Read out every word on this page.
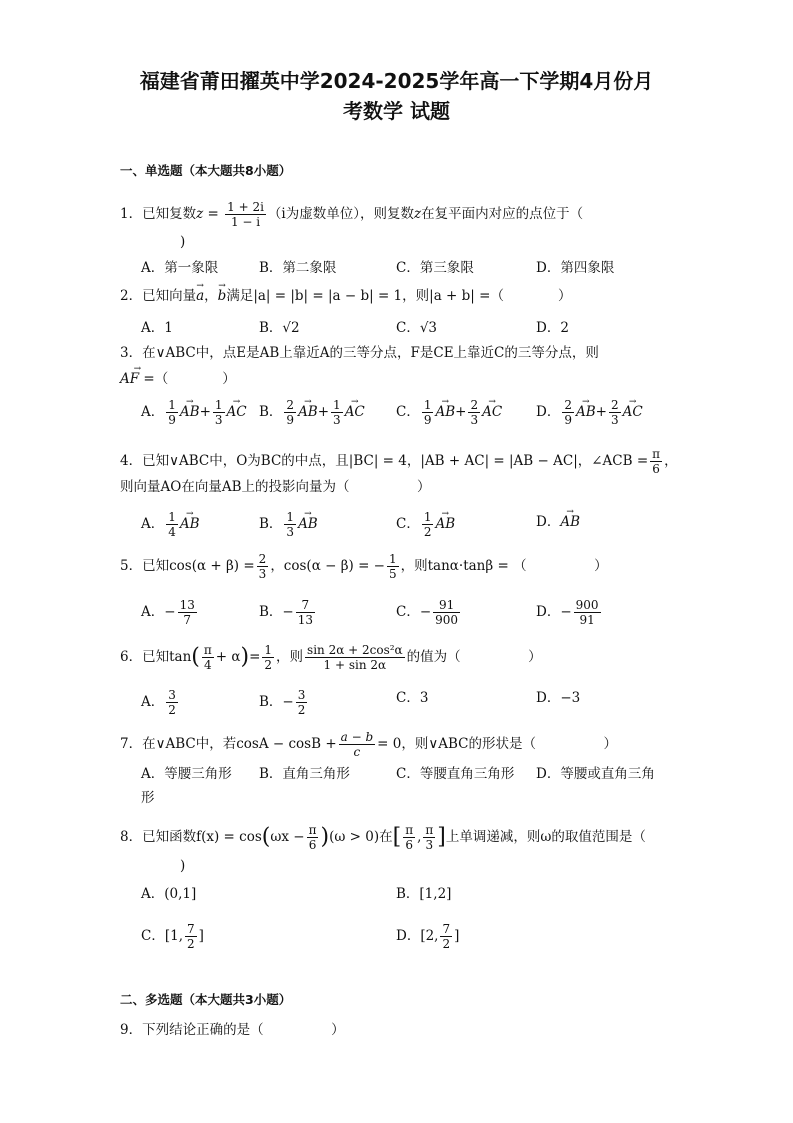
福建省莆田擢英中学2024-2025学年高一下学期4月份月
考数学 试题
一、单选题（本大题共8小题）
1．已知复数$z = \frac{1 + 2i}{1 - i} (i$为虚数单位），则复数z在复平面内对应的点位于（
)
A．第一象限	B．第二象限	C．第三象限	D．第四象限
2．已知向量→ a，→ b满足|a| = |b| = |a − b| = 1，则|a + b| =（　　　　）
A．1	B．√2	C．√3	D．2
3．在∨ABC中，点E是AB上靠近A的三等分点，F是CE上靠近C的三等分点，则
→ AF =（　　　　）
A． $\frac{1}{9}$
→ $AB+ \frac{1}{3}$
→ AC B． $\frac{2}{9}$
→ $AB+ \frac{1}{3}$
→ AC C． $\frac{1}{9}$
→ $AB+ \frac{2}{3}$
→ AC	D． $\frac{2}{9}$
→ $AB+ \frac{2}{3}$
→ AC
4．已知∨ABC中，O为BC的中点，且|BC| = 4，|AB + AC| = |AB − AC|，∠ACB = $\frac{\pi}{6}$ ，
则向量AO在向量AB上的投影向量为（　　　　　）
A． $\frac{1}{4}$
→ AB	B． $\frac{1}{3}$
→ AB	C． $\frac{1}{2}$
→ AB	D．→ AB
5．已知$\cos(\alpha + \beta) = \frac{2}{3}$ ，cos(α − β) = − $\frac{1}{5}$ ，则tanα·tanβ = （　　　　　）
A．− $\frac{13}{7}$	B．− $\frac{7}{13}$	C．− $\frac{91}{900}$	D．− $\frac{900}{91}$
6．已知$\tan( \frac{\pi}{4} + \alpha)= \frac{1}{2}$ ，则 $\frac{\text{sin 2α + 2cos²α}}{1 + \sin 2\alpha}$ 的值为（　　　　　）
A． $\frac{3}{2}$	B．− $\frac{3}{2}$	C．3	D．−3
7．在∨ABC中，若$\cos A - \cos B + \frac{a - b}{c} = 0$，则∨ABC的形状是（　　　　　）
A．等腰三角形 B．直角三角形	C．等腰直角三角形 D．等腰或直角三角
形
8．已知函数$f(x) = \cos(\omega x - \frac{\pi}{6} )(\omega > 0)$在[ $\frac{\pi}{6}$ , $\frac{\pi}{3}$ ]上单调递减，则ω的取值范围是（
)
A．(0,1]	B．[1,2]
C．[1, $\frac{7}{2}$ ]	D．[2, $\frac{7}{2}$ ]
二、多选题（本大题共3小题）
9．下列结论正确的是（　　　　　）
